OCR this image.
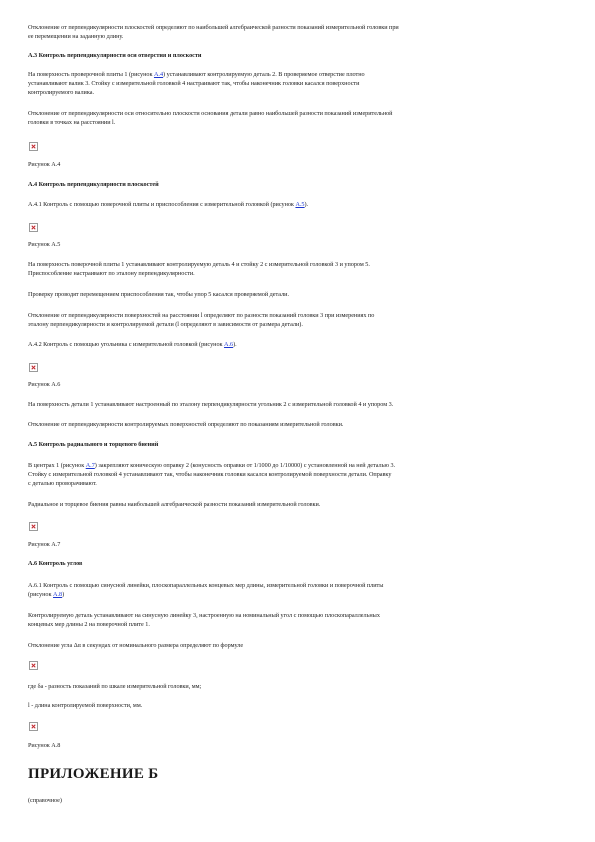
Отклонение от перпендикулярности плоскостей определяют по наибольшей алгебраической разности показаний измерительной головки при

ее перемещении на заданную длину.

А.3 Контроль перпендикулярности оси отверстия и плоскости

На поверхность проверочной плиты 1 (рисунок А.4) устанавливают контролируемую деталь 2. В проверяемое отверстие плотно

устанавливают валик 3. Стойку с измерительной головкой 4 настраивают так, чтобы наконечник головки касался поверхности

контролируемого валика.

Отклонение от перпендикулярности оси относительно плоскости основания детали равно наибольшей разности показаний измерительной

головки в точках на расстоянии l.

Рисунок А.4

А.4 Контроль перпендикулярности плоскостей

А.4.1 Контроль с помощью поверочной плиты и приспособления с измерительной головкой (рисунок А.5).

Рисунок А.5

На поверхность поверочной плиты 1 устанавливают контролируемую деталь 4 и стойку 2 с измерительной головкой 3 и упором 5.

Приспособление настраивают по эталону перпендикулярности.

Проверку проводят перемещением приспособления так, чтобы упор 5 касался проверяемой детали.

Отклонение от перпендикулярности поверхностей на расстоянии l определяют по разности показаний головки 3 при измерениях по

эталону перпендикулярности и контролируемой детали (l определяют в зависимости от размера детали).

А.4.2 Контроль с помощью угольника с измерительной головкой (рисунок А.6).

Рисунок А.6

На поверхность детали 1 устанавливают настроенный по эталону перпендикулярности угольник 2 с измерительной головкой 4 и упором 3.

Отклонение от перпендикулярности контролируемых поверхностей определяют по показаниям измерительной головки.

А.5 Контроль радиального и торцевого биений

В центрах 1 (рисунок А.7) закрепляют коническую оправку 2 (конусность оправки от 1/1000 до 1/10000) с установленной на ней деталью 3.

Стойку с измерительной головкой 4 устанавливают так, чтобы наконечник головки касался контролируемой поверхности детали. Оправку

с деталью проворачивают.

Радиальное и торцевое биения равны наибольшей алгебраической разности показаний измерительной головки.

Рисунок А.7

А.6 Контроль углов

А.6.1 Контроль с помощью синусной линейки, плоскопараллельных концевых мер длины, измерительной головки и поверочной плиты

(рисунок А.8)

Контролируемую деталь устанавливают на синусную линейку 3, настроенную на номинальный угол с помощью плоскопараллельных

концевых мер длины 2 на поверочной плите 1.

Отклонение угла Δα в секундах от номинального размера определяют по формуле

где δа - разность показаний по шкале измерительной головки, мм;

l - длина контролируемой поверхности, мм.

Рисунок А.8

ПРИЛОЖЕНИЕ Б

(справочное)
